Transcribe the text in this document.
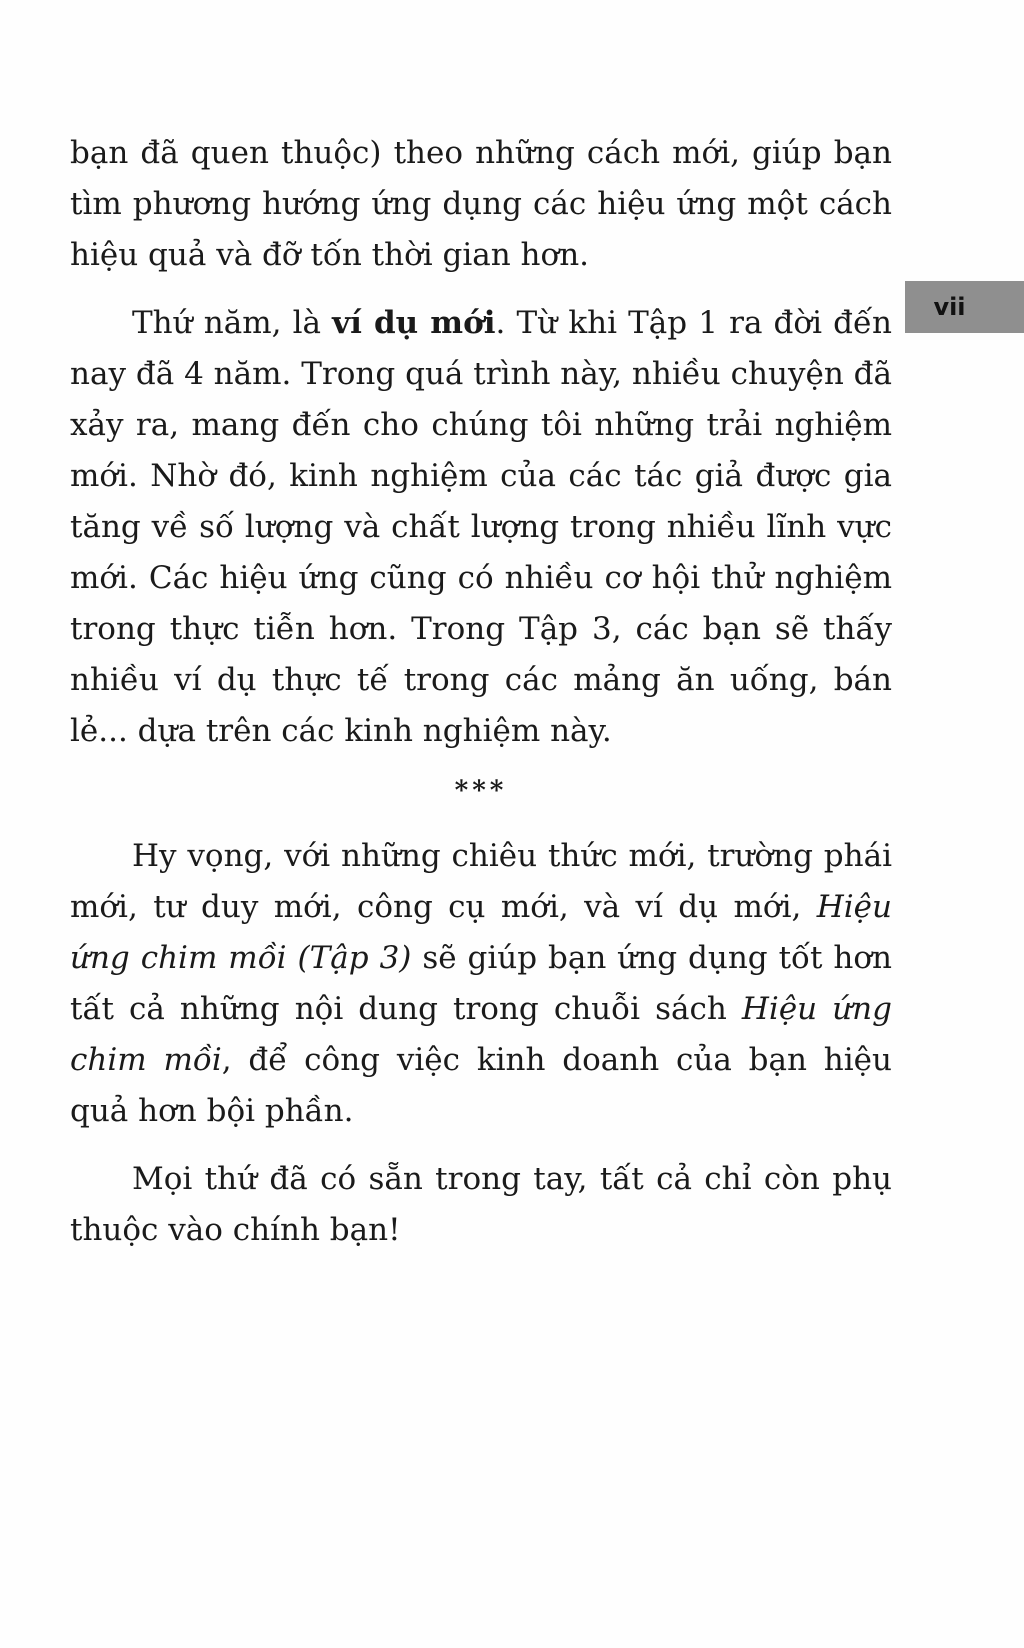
vii

bạn đã quen thuộc) theo những cách mới, giúp bạn tìm phương hướng ứng dụng các hiệu ứng một cách hiệu quả và đỡ tốn thời gian hơn.

Thứ năm, là ví dụ mới. Từ khi Tập 1 ra đời đến nay đã 4 năm. Trong quá trình này, nhiều chuyện đã xảy ra, mang đến cho chúng tôi những trải nghiệm mới. Nhờ đó, kinh nghiệm của các tác giả được gia tăng về số lượng và chất lượng trong nhiều lĩnh vực mới. Các hiệu ứng cũng có nhiều cơ hội thử nghiệm trong thực tiễn hơn. Trong Tập 3, các bạn sẽ thấy nhiều ví dụ thực tế trong các mảng ăn uống, bán lẻ... dựa trên các kinh nghiệm này.

***

Hy vọng, với những chiêu thức mới, trường phái mới, tư duy mới, công cụ mới, và ví dụ mới, Hiệu ứng chim mồi (Tập 3) sẽ giúp bạn ứng dụng tốt hơn tất cả những nội dung trong chuỗi sách Hiệu ứng chim mồi, để công việc kinh doanh của bạn hiệu quả hơn bội phần.

Mọi thứ đã có sẵn trong tay, tất cả chỉ còn phụ thuộc vào chính bạn!
